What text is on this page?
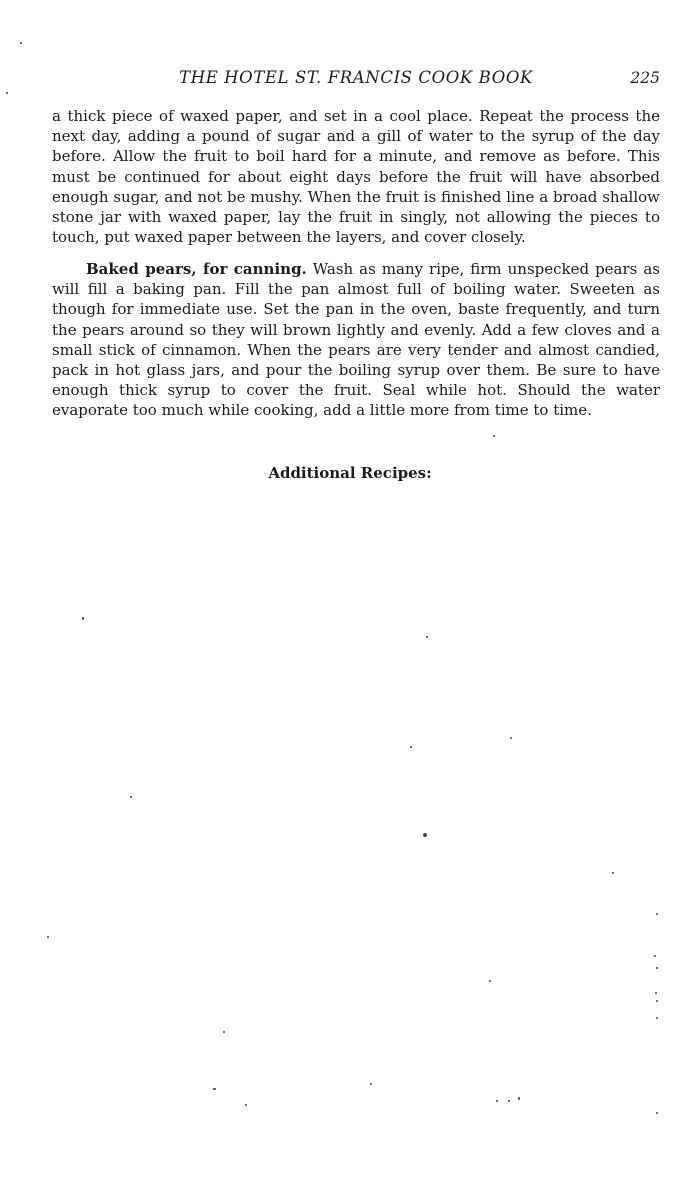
THE HOTEL ST. FRANCIS COOK BOOK	225
a thick piece of waxed paper, and set in a cool place. Repeat the process the next day, adding a pound of sugar and a gill of water to the syrup of the day before. Allow the fruit to boil hard for a minute, and remove as before. This must be continued for about eight days before the fruit will have absorbed enough sugar, and not be mushy. When the fruit is finished line a broad shallow stone jar with waxed paper, lay the fruit in singly, not allowing the pieces to touch, put waxed paper between the layers, and cover closely.
Baked pears, for canning. Wash as many ripe, firm unspecked pears as will fill a baking pan. Fill the pan almost full of boiling water. Sweeten as though for immediate use. Set the pan in the oven, baste frequently, and turn the pears around so they will brown lightly and evenly. Add a few cloves and a small stick of cinnamon. When the pears are very tender and almost candied, pack in hot glass jars, and pour the boiling syrup over them. Be sure to have enough thick syrup to cover the fruit. Seal while hot. Should the water evaporate too much while cooking, add a little more from time to time.
Additional Recipes:
